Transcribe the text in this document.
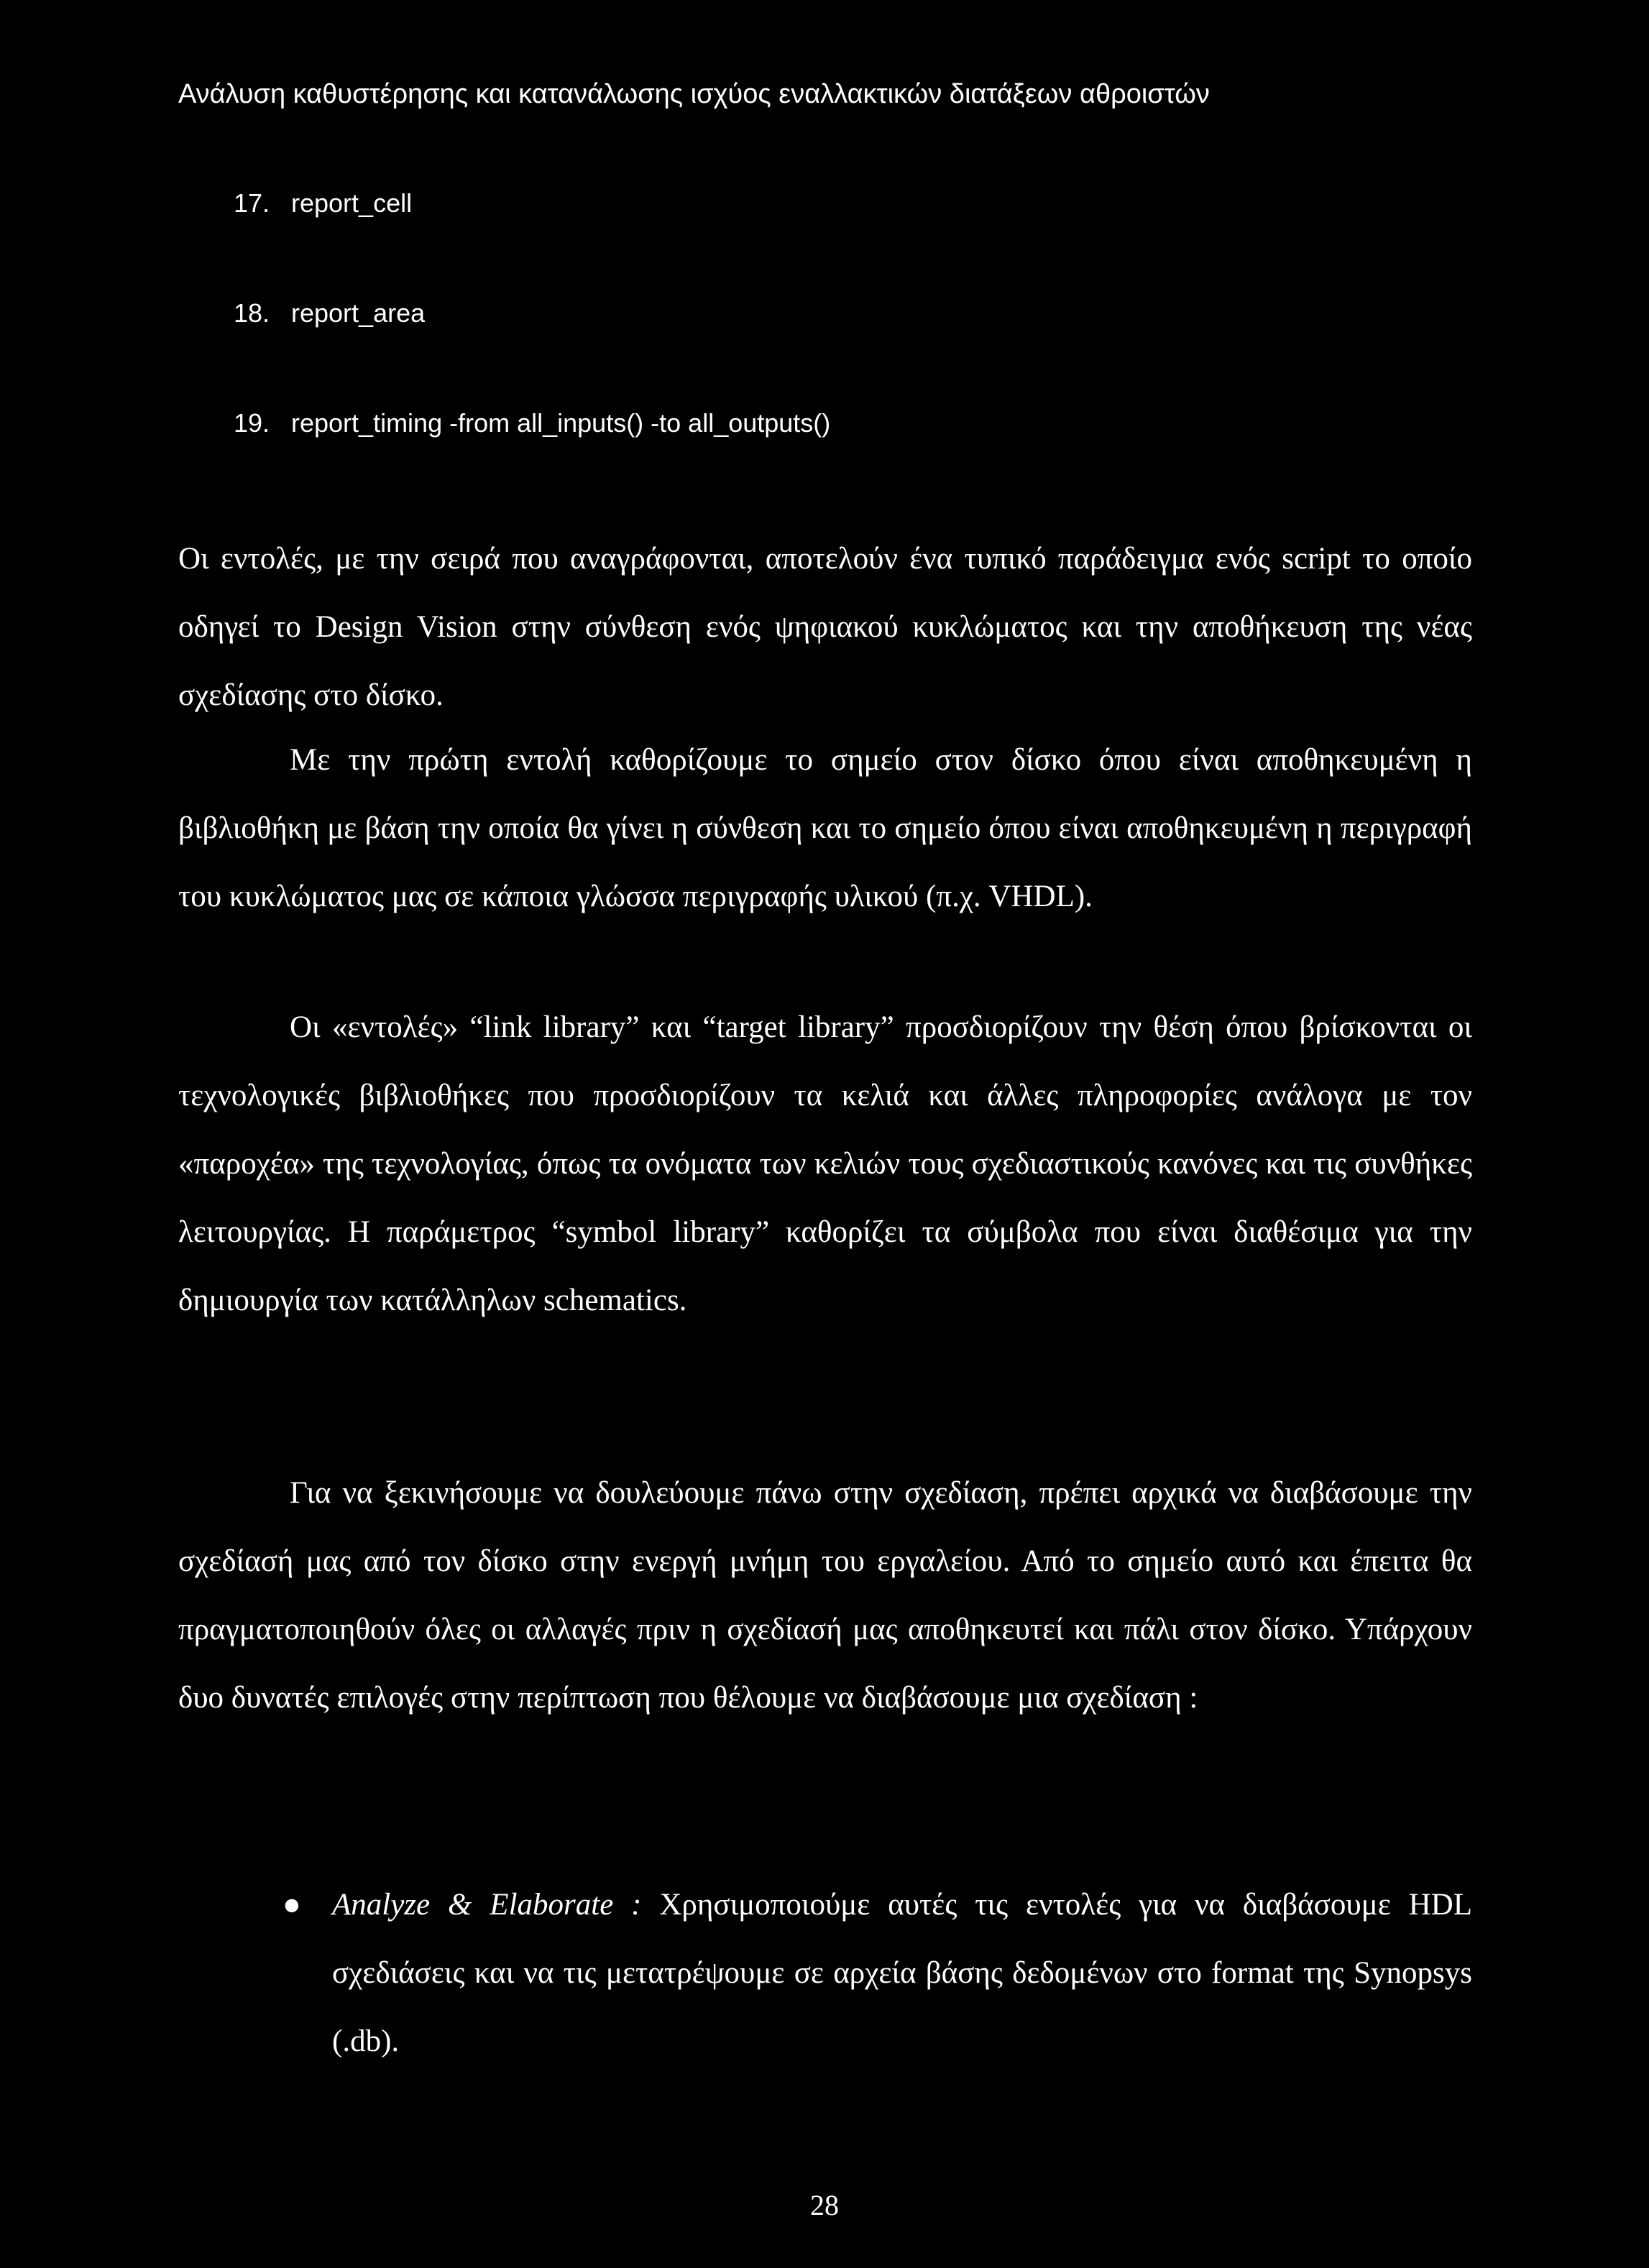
Ανάλυση καθυστέρησης και κατανάλωσης ισχύος εναλλακτικών διατάξεων αθροιστών
17. report_cell
18. report_area
19. report_timing -from all_inputs() -to all_outputs()
Οι εντολές, με την σειρά που αναγράφονται, αποτελούν ένα τυπικό παράδειγμα ενός script το οποίο οδηγεί το Design Vision στην σύνθεση ενός ψηφιακού κυκλώματος και την αποθήκευση της νέας σχεδίασης στο δίσκο.
Με την πρώτη εντολή καθορίζουμε το σημείο στον δίσκο όπου είναι αποθηκευμένη η βιβλιοθήκη με βάση την οποία θα γίνει η σύνθεση και το σημείο όπου είναι αποθηκευμένη η περιγραφή του κυκλώματος μας σε κάποια γλώσσα περιγραφής υλικού (π.χ. VHDL).
Οι «εντολές» “link library” και “target library” προσδιορίζουν την θέση όπου βρίσκονται οι τεχνολογικές βιβλιοθήκες που προσδιορίζουν τα κελιά και άλλες πληροφορίες ανάλογα με τον «παροχέα» της τεχνολογίας, όπως τα ονόματα των κελιών τους σχεδιαστικούς κανόνες και τις συνθήκες λειτουργίας. Η παράμετρος “symbol library” καθορίζει τα σύμβολα που είναι διαθέσιμα για την δημιουργία των κατάλληλων schematics.
Για να ξεκινήσουμε να δουλεύουμε πάνω στην σχεδίαση, πρέπει αρχικά να διαβάσουμε την σχεδίασή μας από τον δίσκο στην ενεργή μνήμη του εργαλείου. Από το σημείο αυτό και έπειτα θα πραγματοποιηθούν όλες οι αλλαγές πριν η σχεδίασή μας αποθηκευτεί και πάλι στον δίσκο. Υπάρχουν δυο δυνατές επιλογές στην περίπτωση που θέλουμε να διαβάσουμε μια σχεδίαση :
● Analyze & Elaborate : Χρησιμοποιούμε αυτές τις εντολές για να διαβάσουμε HDL σχεδιάσεις και να τις μετατρέψουμε σε αρχεία βάσης δεδομένων στο format της Synopsys (.db).
28
